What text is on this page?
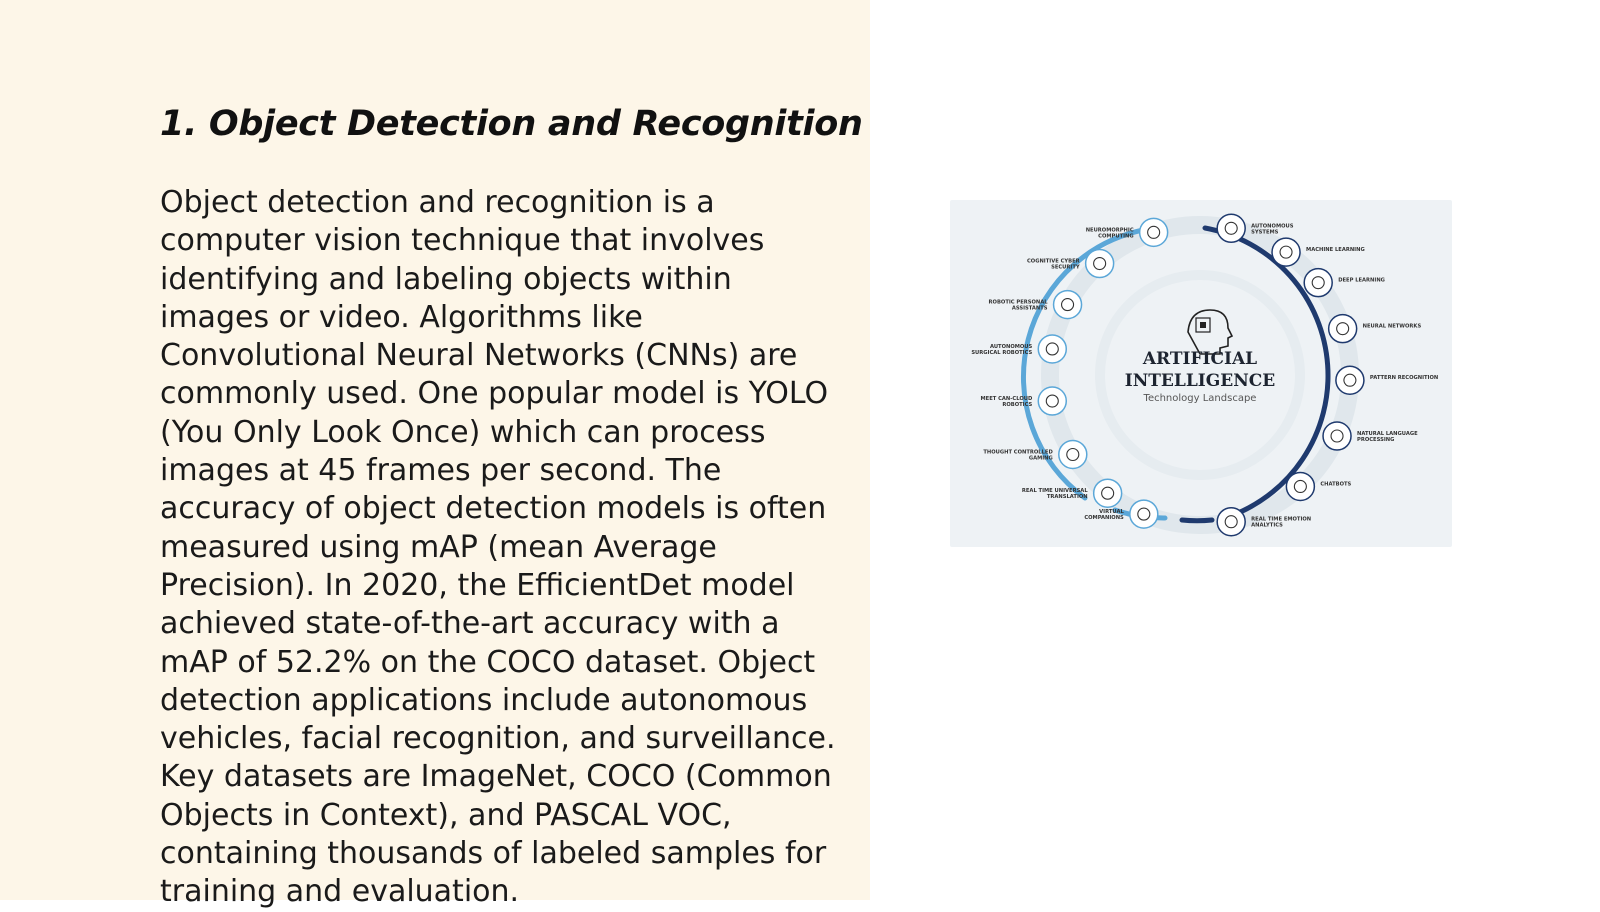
1. Object Detection and Recognition

Object detection and recognition is a computer vision technique that involves identifying and labeling objects within images or video. Algorithms like Convolutional Neural Networks (CNNs) are commonly used. One popular model is YOLO (You Only Look Once) which can process images at 45 frames per second. The accuracy of object detection models is often measured using mAP (mean Average Precision). In 2020, the EfficientDet model achieved state-of-the-art accuracy with a mAP of 52.2% on the COCO dataset. Object detection applications include autonomous vehicles, facial recognition, and surveillance. Key datasets are ImageNet, COCO (Common Objects in Context), and PASCAL VOC, containing thousands of labeled samples for training and evaluation.

NEUROMORPHIC
COMPUTING
COGNITIVE CYBER
SECURITY
ROBOTIC PERSONAL
ASSISTANTS
AUTONOMOUS
SURGICAL ROBOTICS
MEET CAN-CLOUD
ROBOTICS
THOUGHT CONTROLLED
GAMING
REAL TIME UNIVERSAL
TRANSLATION
VIRTUAL
COMPANIONS
AUTONOMOUS
SYSTEMS
MACHINE LEARNING
DEEP LEARNING
NEURAL NETWORKS
PATTERN RECOGNITION
NATURAL LANGUAGE
PROCESSING
CHATBOTS
REAL TIME EMOTION
ANALYTICS
ARTIFICIAL
INTELLIGENCE
Technology Landscape
